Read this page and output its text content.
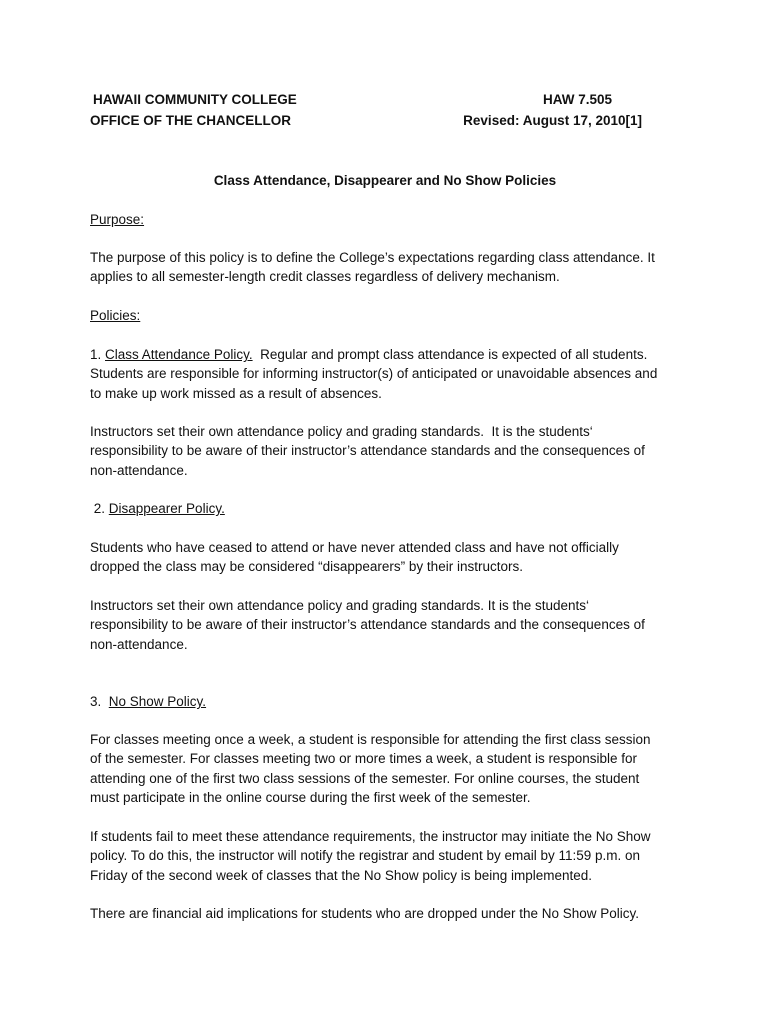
HAWAII COMMUNITY COLLEGE	HAW 7.505
OFFICE OF THE CHANCELLOR	Revised: August 17, 2010[1]
Class Attendance, Disappearer and No Show Policies
Purpose:
The purpose of this policy is to define the College’s expectations regarding class attendance. It
applies to all semester-length credit classes regardless of delivery mechanism.
Policies:
1. Class Attendance Policy.  Regular and prompt class attendance is expected of all students.
Students are responsible for informing instructor(s) of anticipated or unavoidable absences and
to make up work missed as a result of absences.
Instructors set their own attendance policy and grading standards.  It is the students‘
responsibility to be aware of their instructor’s attendance standards and the consequences of
non-attendance.
2. Disappearer Policy.
Students who have ceased to attend or have never attended class and have not officially
dropped the class may be considered “disappearers” by their instructors.
Instructors set their own attendance policy and grading standards. It is the students‘
responsibility to be aware of their instructor’s attendance standards and the consequences of
non-attendance.
3.  No Show Policy.
For classes meeting once a week, a student is responsible for attending the first class session
of the semester. For classes meeting two or more times a week, a student is responsible for
attending one of the first two class sessions of the semester. For online courses, the student
must participate in the online course during the first week of the semester.
If students fail to meet these attendance requirements, the instructor may initiate the No Show
policy. To do this, the instructor will notify the registrar and student by email by 11:59 p.m. on
Friday of the second week of classes that the No Show policy is being implemented.
There are financial aid implications for students who are dropped under the No Show Policy.
